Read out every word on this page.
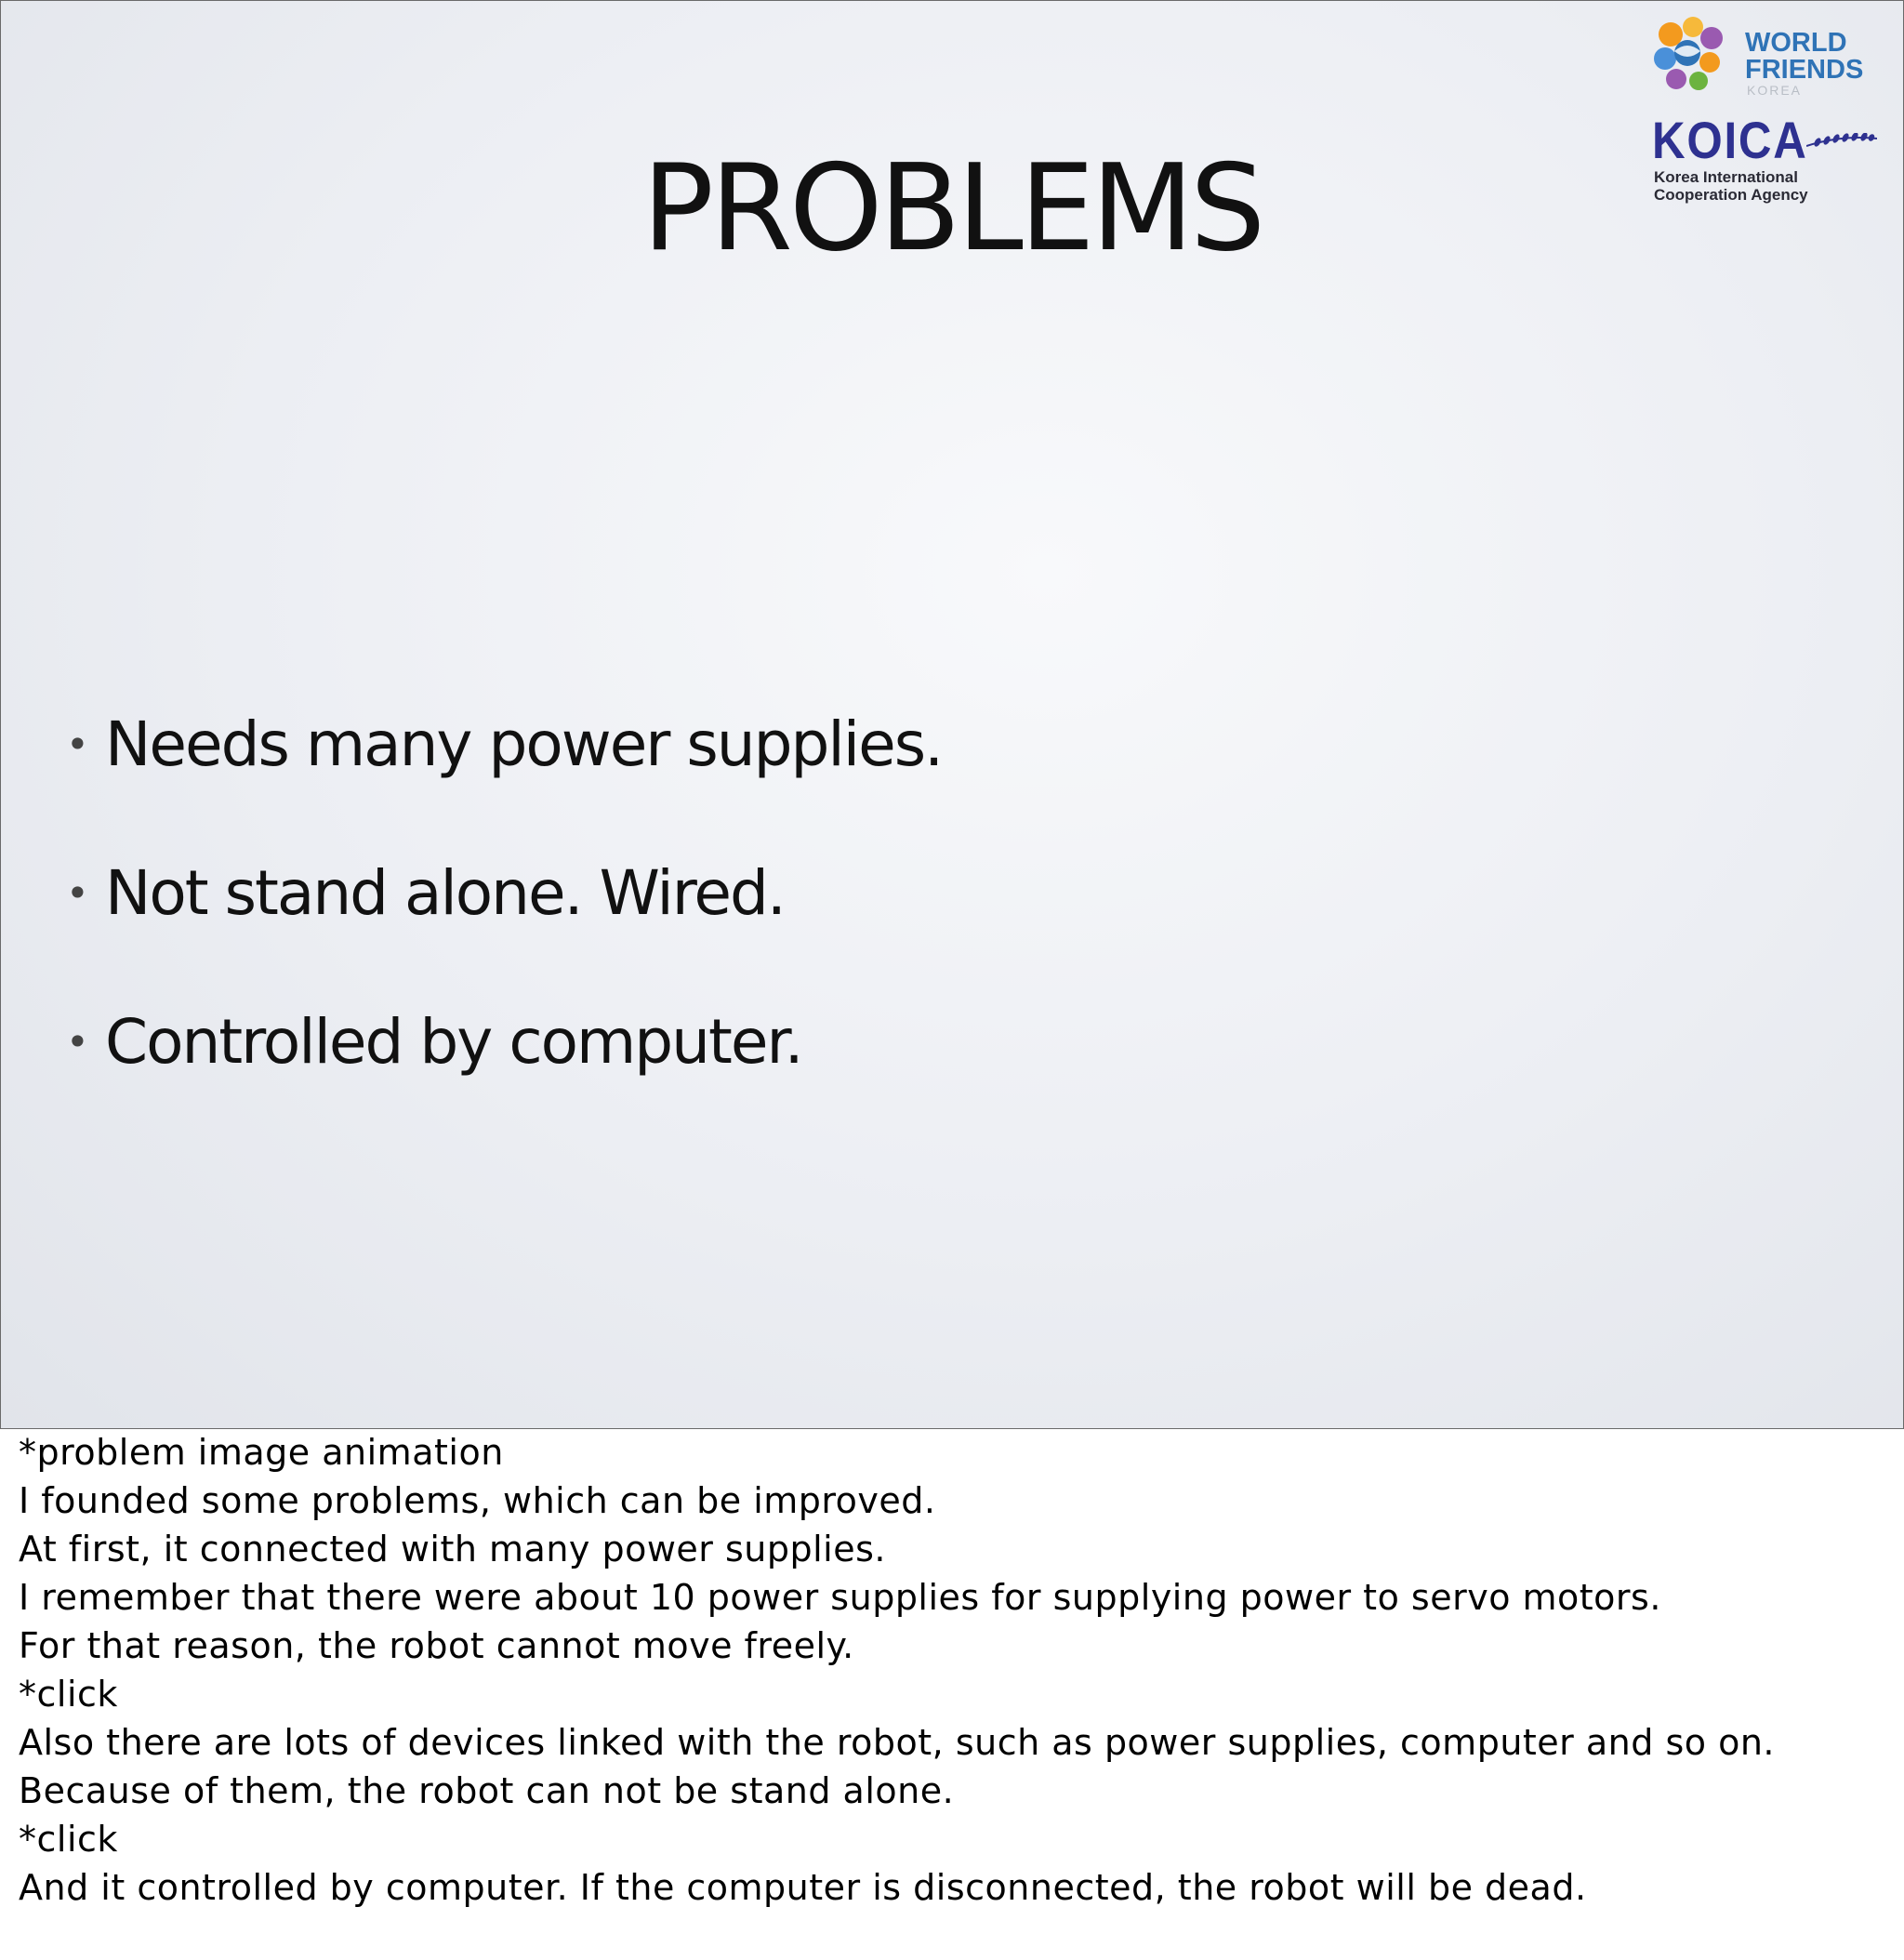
PROBLEMS
WORLD
FRIENDS
KOREA
KOICA
Korea International
Cooperation Agency
• Needs many power supplies.
• Not stand alone. Wired.
• Controlled by computer.

*problem image animation

I founded some problems, which can be improved.

At first, it connected with many power supplies.

I remember that there were about 10 power supplies for supplying power to servo motors.

For that reason, the robot cannot move freely.

*click

Also there are lots of devices linked with the robot, such as power supplies, computer and so on. Because of them, the robot can not be stand alone.

*click

And it controlled by computer. If the computer is disconnected, the robot will be dead.
